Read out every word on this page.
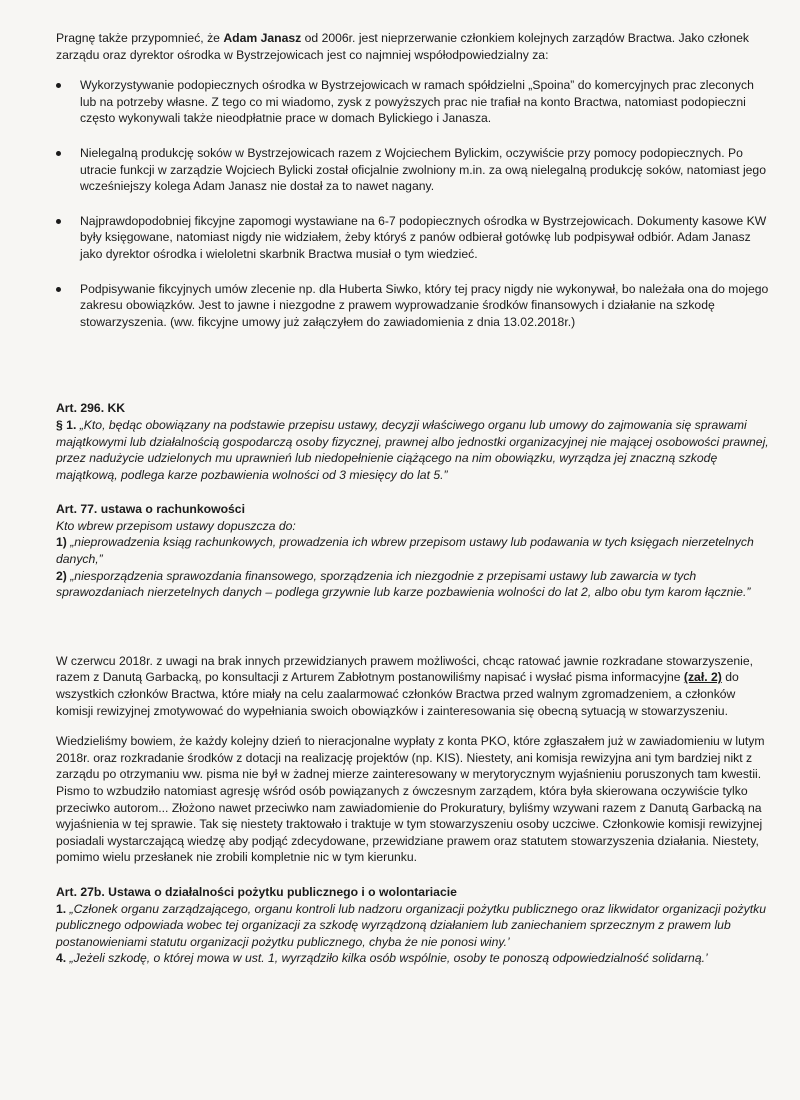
Pragnę także przypomnieć, że Adam Janasz od 2006r. jest nieprzerwanie członkiem kolejnych zarządów Bractwa. Jako członek zarządu oraz dyrektor ośrodka w Bystrzejowicach jest co najmniej współodpowiedzialny za:

Wykorzystywanie podopiecznych ośrodka w Bystrzejowicach w ramach spółdzielni „Spoina” do komercyjnych prac zleconych lub na potrzeby własne. Z tego co mi wiadomo, zysk z powyższych prac nie trafiał na konto Bractwa, natomiast podopieczni często wykonywali także nieodpłatnie prace w domach Bylickiego i Janasza.
Nielegalną produkcję soków w Bystrzejowicach razem z Wojciechem Bylickim, oczywiście przy pomocy podopiecznych. Po utracie funkcji w zarządzie Wojciech Bylicki został oficjalnie zwolniony m.in. za ową nielegalną produkcję soków, natomiast jego wcześniejszy kolega Adam Janasz nie dostał za to nawet nagany.
Najprawdopodobniej fikcyjne zapomogi wystawiane na 6-7 podopiecznych ośrodka w Bystrzejowicach. Dokumenty kasowe KW były księgowane, natomiast nigdy nie widziałem, żeby któryś z panów odbierał gotówkę lub podpisywał odbiór. Adam Janasz jako dyrektor ośrodka i wieloletni skarbnik Bractwa musiał o tym wiedzieć.
Podpisywanie fikcyjnych umów zlecenie np. dla Huberta Siwko, który tej pracy nigdy nie wykonywał, bo należała ona do mojego zakresu obowiązków. Jest to jawne i niezgodne z prawem wyprowadzanie środków finansowych i działanie na szkodę stowarzyszenia. (ww. fikcyjne umowy już załączyłem do zawiadomienia z dnia 13.02.2018r.)

Art. 296. KK

§ 1. „Kto, będąc obowiązany na podstawie przepisu ustawy, decyzji właściwego organu lub umowy do zajmowania się sprawami majątkowymi lub działalnością gospodarczą osoby fizycznej, prawnej albo jednostki organizacyjnej nie mającej osobowości prawnej, przez nadużycie udzielonych mu uprawnień lub niedopełnienie ciążącego na nim obowiązku, wyrządza jej znaczną szkodę majątkową, podlega karze pozbawienia wolności od 3 miesięcy do lat 5.”

Art. 77. ustawa o rachunkowości

Kto wbrew przepisom ustawy dopuszcza do:

1) „nieprowadzenia ksiąg rachunkowych, prowadzenia ich wbrew przepisom ustawy lub podawania w tych księgach nierzetelnych danych,”

2) „niesporządzenia sprawozdania finansowego, sporządzenia ich niezgodnie z przepisami ustawy lub zawarcia w tych sprawozdaniach nierzetelnych danych – podlega grzywnie lub karze pozbawienia wolności do lat 2, albo obu tym karom łącznie.”

W czerwcu 2018r. z uwagi na brak innych przewidzianych prawem możliwości, chcąc ratować jawnie rozkradane stowarzyszenie, razem z Danutą Garbacką, po konsultacji z Arturem Zabłotnym postanowiliśmy napisać i wysłać pisma informacyjne (zał. 2) do wszystkich członków Bractwa, które miały na celu zaalarmować członków Bractwa przed walnym zgromadzeniem, a członków komisji rewizyjnej zmotywować do wypełniania swoich obowiązków i zainteresowania się obecną sytuacją w stowarzyszeniu.

Wiedzieliśmy bowiem, że każdy kolejny dzień to nieracjonalne wypłaty z konta PKO, które zgłaszałem już w zawiadomieniu w lutym 2018r. oraz rozkradanie środków z dotacji na realizację projektów (np. KIS). Niestety, ani komisja rewizyjna ani tym bardziej nikt z zarządu po otrzymaniu ww. pisma nie był w żadnej mierze zainteresowany w merytorycznym wyjaśnieniu poruszonych tam kwestii. Pismo to wzbudziło natomiast agresję wśród osób powiązanych z ówczesnym zarządem, która była skierowana oczywiście tylko przeciwko autorom... Złożono nawet przeciwko nam zawiadomienie do Prokuratury, byliśmy wzywani razem z Danutą Garbacką na wyjaśnienia w tej sprawie. Tak się niestety traktowało i traktuje w tym stowarzyszeniu osoby uczciwe. Członkowie komisji rewizyjnej posiadali wystarczającą wiedzę aby podjąć zdecydowane, przewidziane prawem oraz statutem stowarzyszenia działania. Niestety, pomimo wielu przesłanek nie zrobili kompletnie nic w tym kierunku.

Art. 27b. Ustawa o działalności pożytku publicznego i o wolontariacie

1. „Członek organu zarządzającego, organu kontroli lub nadzoru organizacji pożytku publicznego oraz likwidator organizacji pożytku publicznego odpowiada wobec tej organizacji za szkodę wyrządzoną działaniem lub zaniechaniem sprzecznym z prawem lub postanowieniami statutu organizacji pożytku publicznego, chyba że nie ponosi winy.’

4. „Jeżeli szkodę, o której mowa w ust. 1, wyrządziło kilka osób wspólnie, osoby te ponoszą odpowiedzialność solidarną.’
